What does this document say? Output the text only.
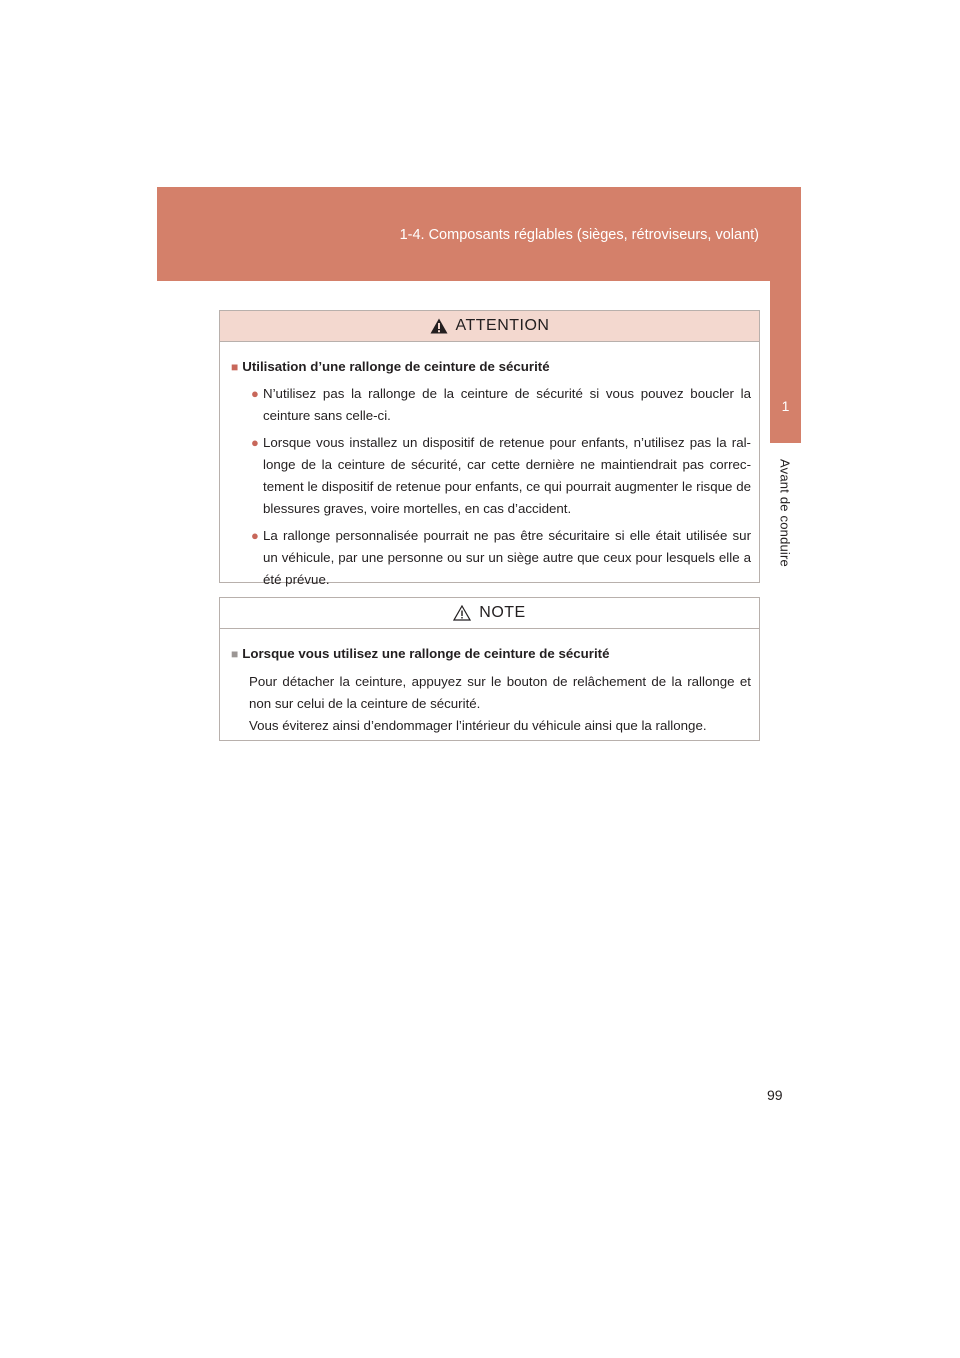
1-4. Composants réglables (sièges, rétroviseurs, volant)
1
Avant de conduire
ATTENTION
■ Utilisation d’une rallonge de ceinture de sécurité
● N’utilisez pas la rallonge de la ceinture de sécurité si vous pouvez boucler la ceinture sans celle-ci.
● Lorsque vous installez un dispositif de retenue pour enfants, n’utilisez pas la ral-longe de la ceinture de sécurité, car cette dernière ne maintiendrait pas correc-tement le dispositif de retenue pour enfants, ce qui pourrait augmenter le risque de blessures graves, voire mortelles, en cas d’accident.
● La rallonge personnalisée pourrait ne pas être sécuritaire si elle était utilisée sur un véhicule, par une personne ou sur un siège autre que ceux pour lesquels elle a été prévue.
NOTE
■ Lorsque vous utilisez une rallonge de ceinture de sécurité
Pour détacher la ceinture, appuyez sur le bouton de relâchement de la rallonge et non sur celui de la ceinture de sécurité.
Vous éviterez ainsi d’endommager l’intérieur du véhicule ainsi que la rallonge.
99
